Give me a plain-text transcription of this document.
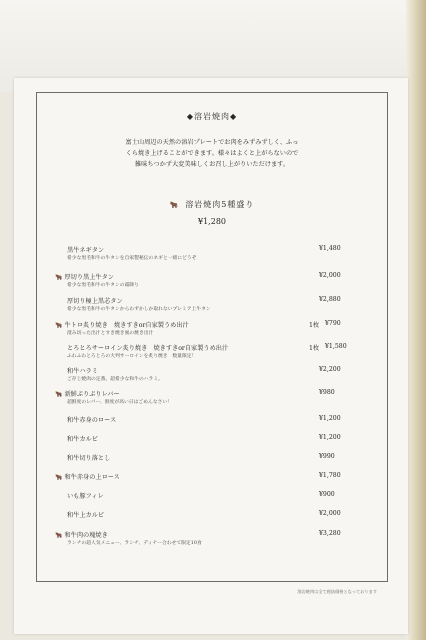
◆溶岩焼肉◆
富士山周辺の天然の溶岩プレートでお肉をみずみずしく、ふっ
くら焼き上げることができます。様々はよくと上がらないので
雑味ちつかず大変美味しくお召し上がりいただけます。
🐂 溶岩焼肉5種盛り
¥1,280
黒牛ネギタン
希少な黒毛和牛の牛タンを自家製秘伝のネギと一緒にどうぞ
¥1,480
🐂 厚切り黒上牛タン
希少な黒毛和牛の牛タンの霜降り
¥2,000
厚切り極上黒芯タン
希少な黒毛和牛の牛タンからわずかしか取れないプレミア上牛タン
¥2,880
🐂 牛トロ炙り焼き　焼きすきor自家製うめ出汁
澄み切った出汁とすき焼き風の焼き出汁
1枚 ¥790
とろとろサーロイン炙り焼き　焼きすきor自家製うめ出汁
ふわふわとろとろの大判サーロインを炙り焼き　数量限定！
1枚 ¥1,580
和牛ハラミ
ご存じ焼肉の定番。超希少な和牛のハラミ。
¥2,200
🐂 新鮮ぷりぷりレバー
超鮮度のレバー、鮮度が高い日はごめんなさい！
¥980
和牛赤身のロース	¥1,200
和牛カルビ	¥1,200
和牛切り落とし	¥990
🐂 和牛赤身の上ロース	¥1,780
いも豚フィレ	¥900
和牛上カルビ	¥2,000
🐂 和牛肉の塊焼き
ランチの超人気メニュー、ランチ、ディナー合わせて限定10食
¥3,280
溶岩焼肉は全て税抜価格となっております
